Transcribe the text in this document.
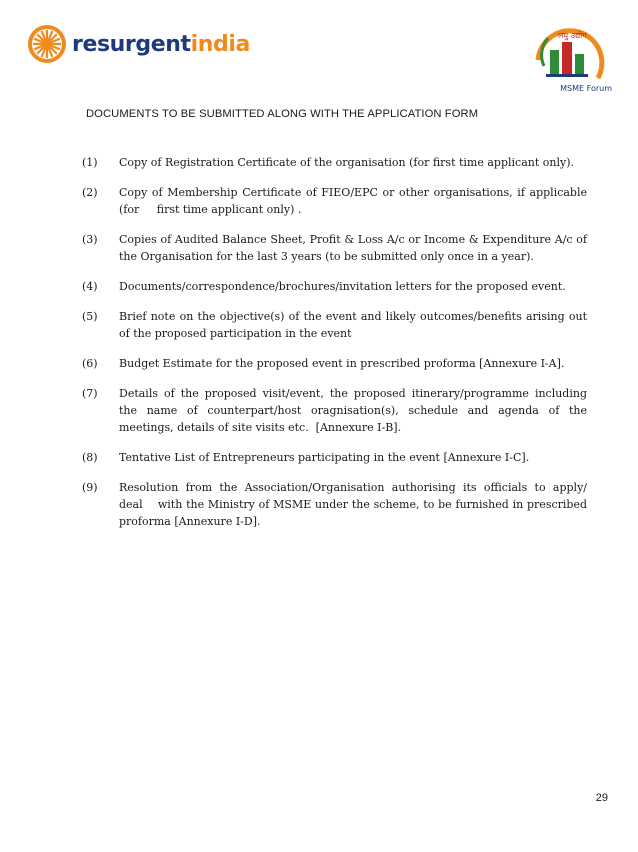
resurgentindia	लघु उद्योग
MSME Forum
DOCUMENTS TO BE SUBMITTED ALONG WITH THE APPLICATION FORM
(1)	Copy of Registration Certificate of the organisation (for first time applicant only).
(2)	Copy of Membership Certificate of FIEO/EPC or other organisations, if applicable (for     first time applicant only) .
(3)	Copies of Audited Balance Sheet, Profit & Loss A/c or Income & Expenditure A/c of the Organisation for the last 3 years (to be submitted only once in a year).
(4)	Documents/correspondence/brochures/invitation letters for the proposed event.
(5)	Brief note on the objective(s) of the event and likely outcomes/benefits arising out of the proposed participation in the event
(6)	Budget Estimate for the proposed event in prescribed proforma [Annexure I-A].
(7)	Details of the proposed visit/event, the proposed itinerary/programme including the name of counterpart/host oragnisation(s), schedule and agenda of the meetings, details of site visits etc.  [Annexure I-B].
(8)	Tentative List of Entrepreneurs participating in the event [Annexure I-C].
(9)	Resolution from the Association/Organisation authorising its officials to apply/ deal    with the Ministry of MSME under the scheme, to be furnished in prescribed proforma [Annexure I-D].
29
